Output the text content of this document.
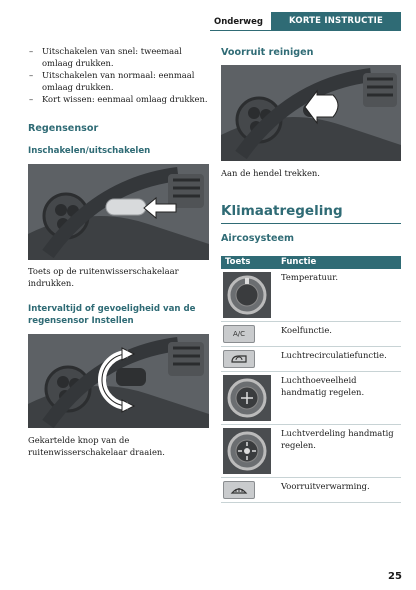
Onderweg	KORTE INSTRUCTIE
– Uitschakelen van snel: tweemaal omlaag drukken.
– Uitschakelen van normaal: eenmaal omlaag drukken.
– Kort wissen: eenmaal omlaag drukken.
Regensensor
Inschakelen/uitschakelen
Toets op de ruitenwisserschakelaar indrukken.
Intervaltijd of gevoeligheid van de regensensor Instellen
Gekartelde knop van de ruitenwisserschakelaar draaien.
Voorruit reinigen
Aan de hendel trekken.
Klimaatregeling
Aircosysteem
Toets	Functie

	Temperatuur.

A/C	Koelfunctie.

	Luchtrecirculatiefunctie.

	Luchthoeveelheid handmatig regelen.

	Luchtverdeling handmatig regelen.

	Voorruitverwarming.
25
